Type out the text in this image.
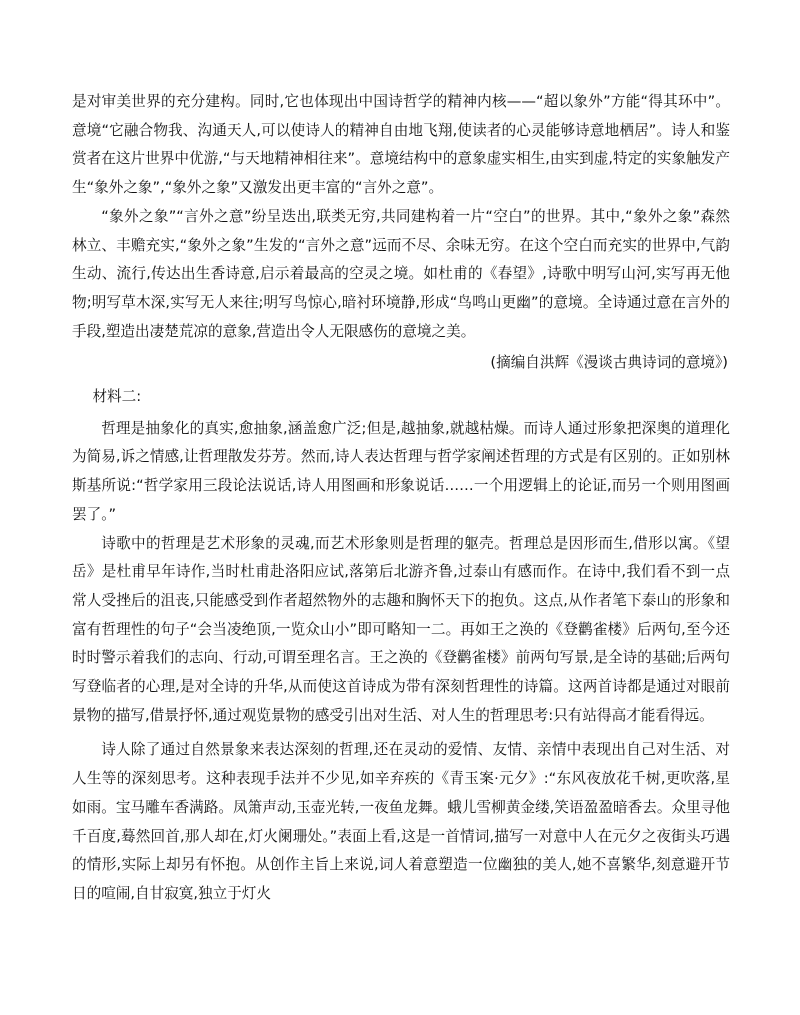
是对审美世界的充分建构。同时,它也体现出中国诗哲学的精神内核——“超以象外”方能“得其环中”。意境“它融合物我、沟通天人,可以使诗人的精神自由地飞翔,使读者的心灵能够诗意地栖居”。诗人和鉴赏者在这片世界中优游,“与天地精神相往来”。意境结构中的意象虚实相生,由实到虚,特定的实象触发产生“象外之象”,“象外之象”又激发出更丰富的“言外之意”。

“象外之象”“言外之意”纷呈迭出,联类无穷,共同建构着一片“空白”的世界。其中,“象外之象”森然林立、丰赡充实,“象外之象”生发的“言外之意”远而不尽、余味无穷。在这个空白而充实的世界中,气韵生动、流行,传达出生香诗意,启示着最高的空灵之境。如杜甫的《春望》,诗歌中明写山河,实写再无他物;明写草木深,实写无人来往;明写鸟惊心,暗衬环境静,形成“鸟鸣山更幽”的意境。全诗通过意在言外的手段,塑造出凄楚荒凉的意象,营造出令人无限感伤的意境之美。

(摘编自洪辉《漫谈古典诗词的意境》)

材料二:

哲理是抽象化的真实,愈抽象,涵盖愈广泛;但是,越抽象,就越枯燥。而诗人通过形象把深奥的道理化为简易,诉之情感,让哲理散发芬芳。然而,诗人表达哲理与哲学家阐述哲理的方式是有区别的。正如别林斯基所说:“哲学家用三段论法说话,诗人用图画和形象说话……一个用逻辑上的论证,而另一个则用图画罢了。”

诗歌中的哲理是艺术形象的灵魂,而艺术形象则是哲理的躯壳。哲理总是因形而生,借形以寓。《望岳》是杜甫早年诗作,当时杜甫赴洛阳应试,落第后北游齐鲁,过泰山有感而作。在诗中,我们看不到一点常人受挫后的沮丧,只能感受到作者超然物外的志趣和胸怀天下的抱负。这点,从作者笔下泰山的形象和富有哲理性的句子“会当凌绝顶,一览众山小”即可略知一二。再如王之涣的《登鹳雀楼》后两句,至今还时时警示着我们的志向、行动,可谓至理名言。王之涣的《登鹳雀楼》前两句写景,是全诗的基础;后两句写登临者的心理,是对全诗的升华,从而使这首诗成为带有深刻哲理性的诗篇。这两首诗都是通过对眼前景物的描写,借景抒怀,通过观览景物的感受引出对生活、对人生的哲理思考:只有站得高才能看得远。

诗人除了通过自然景象来表达深刻的哲理,还在灵动的爱情、友情、亲情中表现出自己对生活、对人生等的深刻思考。这种表现手法并不少见,如辛弃疾的《青玉案·元夕》:“东风夜放花千树,更吹落,星如雨。宝马雕车香满路。凤箫声动,玉壶光转,一夜鱼龙舞。蛾儿雪柳黄金缕,笑语盈盈暗香去。众里寻他千百度,蓦然回首,那人却在,灯火阑珊处。”表面上看,这是一首情词,描写一对意中人在元夕之夜街头巧遇的情形,实际上却另有怀抱。从创作主旨上来说,词人着意塑造一位幽独的美人,她不喜繁华,刻意避开节日的喧闹,自甘寂寞,独立于灯火
